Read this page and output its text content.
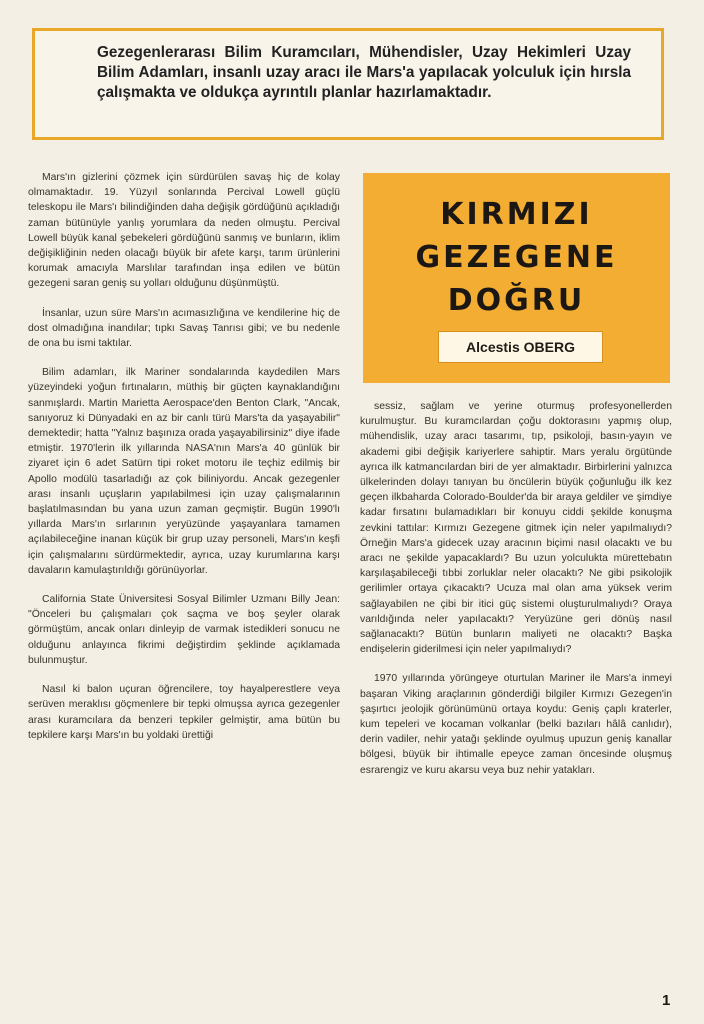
Gezegenlerarası Bilim Kuramcıları, Mühendisler, Uzay Hekimleri Uzay Bilim Adamları, insanlı uzay aracı ile Mars'a yapılacak yolculuk için hırsla çalışmakta ve oldukça ayrıntılı planlar hazırlamaktadır.

KIRMIZI
GEZEGENE
DOĞRU
Alcestis OBERG

Mars'ın gizlerini çözmek için sürdürülen savaş hiç de kolay olmamaktadır. 19. Yüzyıl sonlarında Percival Lowell güçlü teleskopu ile Mars'ı bilindiğinden daha değişik gördüğünü açıkladığı zaman bütünüyle yanlış yorumlara da neden olmuştu. Percival Lowell büyük kanal şebekeleri gördüğünü sanmış ve bunların, iklim değişikliğinin neden olacağı büyük bir afete karşı, tarım ürünlerini korumak amacıyla Marslılar tarafından inşa edilen ve bütün gezegeni saran geniş su yolları olduğunu düşünmüştü.

İnsanlar, uzun süre Mars'ın acımasızlığına ve kendilerine hiç de dost olmadığına inandılar; tıpkı Savaş Tanrısı gibi; ve bu nedenle de ona bu ismi taktılar.

Bilim adamları, ilk Mariner sondalarında kaydedilen Mars yüzeyindeki yoğun fırtınaların, müthiş bir güçten kaynaklandığını sanmışlardı. Martin Marietta Aerospace'den Benton Clark, "Ancak, sanıyoruz ki Dünyadaki en az bir canlı türü Mars'ta da yaşayabilir" demektedir; hatta "Yalnız başınıza orada yaşayabilirsiniz" diye ifade etmiştir. 1970'lerin ilk yıllarında NASA'nın Mars'a 40 günlük bir ziyaret için 6 adet Satürn tipi roket motoru ile teçhiz edilmiş bir Apollo modülü tasarladığı az çok biliniyordu. Ancak gezegenler arası insanlı uçuşların yapılabilmesi için uzay çalışmalarının başlatılmasından bu yana uzun zaman geçmiştir. Bugün 1990'lı yıllarda Mars'ın sırlarının yeryüzünde yaşayanlara tamamen açılabileceğine inanan küçük bir grup uzay personeli, Mars'ın keşfi için çalışmalarını sürdürmektedir, ayrıca, uzay kurumlarına karşı davaların kamulaştırıldığı görünüyorlar.

California State Üniversitesi Sosyal Bilimler Uzmanı Billy Jean: "Önceleri bu çalışmaları çok saçma ve boş şeyler olarak görmüştüm, ancak onları dinleyip de varmak istedikleri sonucu ne olduğunu anlayınca fikrimi değiştirdim şeklinde açıklamada bulunmuştur.

Nasıl ki balon uçuran öğrencilere, toy hayalperestlere veya serüven meraklısı göçmenlere bir tepki olmuşsa ayrıca gezegenler arası kuramcılara da benzeri tepkiler gelmiştir, ama bütün bu tepkilere karşı Mars'ın bu yoldaki ürettiği

sessiz, sağlam ve yerine oturmuş profesyonellerden kurulmuştur. Bu kuramcılardan çoğu doktorasını yapmış olup, mühendislik, uzay aracı tasarımı, tıp, psikoloji, basın-yayın ve akademi gibi değişik kariyerlere sahiptir. Mars yeralu örgütünde ayrıca ilk katmancılardan biri de yer almaktadır. Birbirlerini yalnızca ülkelerinden dolayı tanıyan bu öncülerin büyük çoğunluğu ilk kez geçen ilkbaharda Colorado-Boulder'da bir araya geldiler ve şimdiye kadar fırsatını bulamadıkları bir konuyu ciddi şekilde konuşma zevkini tattılar: Kırmızı Gezegene gitmek için neler yapılmalıydı? Örneğin Mars'a gidecek uzay aracının biçimi nasıl olacaktı ve bu aracı ne şekilde yapacaklardı? Bu uzun yolculukta mürettebatın karşılaşabileceği tıbbi zorluklar neler olacaktı? Ne gibi psikolojik gerilimler ortaya çıkacaktı? Ucuza mal olan ama yüksek verim sağlayabilen ne çibi bir itici güç sistemi oluşturulmalıydı? Oraya varıldığında neler yapılacaktı? Yeryüzüne geri dönüş nasıl sağlanacaktı? Bütün bunların maliyeti ne olacaktı? Başka endişelerin giderilmesi için neler yapılmalıydı?

1970 yıllarında yörüngeye oturtulan Mariner ile Mars'a inmeyi başaran Viking araçlarının gönderdiği bilgiler Kırmızı Gezegen'in şaşırtıcı jeolojik görünümünü ortaya koydu: Geniş çaplı kraterler, kum tepeleri ve kocaman volkanlar (belki bazıları hâlâ canlıdır), derin vadiler, nehir yatağı şeklinde oyulmuş upuzun geniş kanallar bölgesi, büyük bir ihtimalle epeyce zaman öncesinde oluşmuş esrarengiz ve kuru akarsu veya buz nehir yatakları.

1
